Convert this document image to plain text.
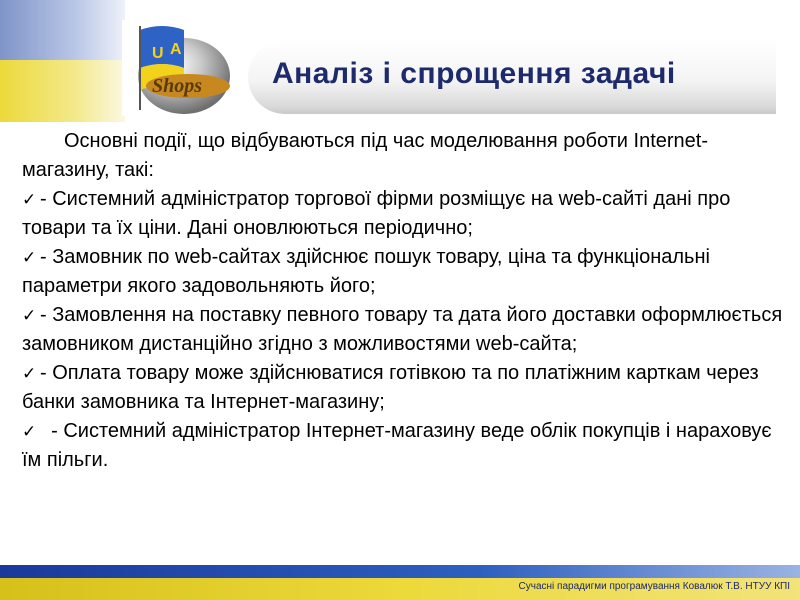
U A
Shops Аналіз і спрощення задачі

Основні події, що відбуваються під час моделювання роботи Internet- магазину, такі:

✓ - Системний адміністратор торгової фірми розміщує на web-сайті дані про товари та їх ціни. Дані оновлюються періодично;

✓ - Замовник по web-сайтах здійснює пошук товару, ціна та функціональні параметри якого задовольняють його;

✓ - Замовлення на поставку певного товару та дата його доставки оформлюється замовником дистанційно згідно з можливостями web-сайта;

✓ - Оплата товару може здійснюватися готівкою та по платіжним карткам через банки замовника та Інтернет-магазину;

✓  - Системний адміністратор Інтернет-магазину веде облік покупців і нараховує їм пільги.

Сучасні парадигми програмування Ковалюк Т.В. НТУУ КПІ
